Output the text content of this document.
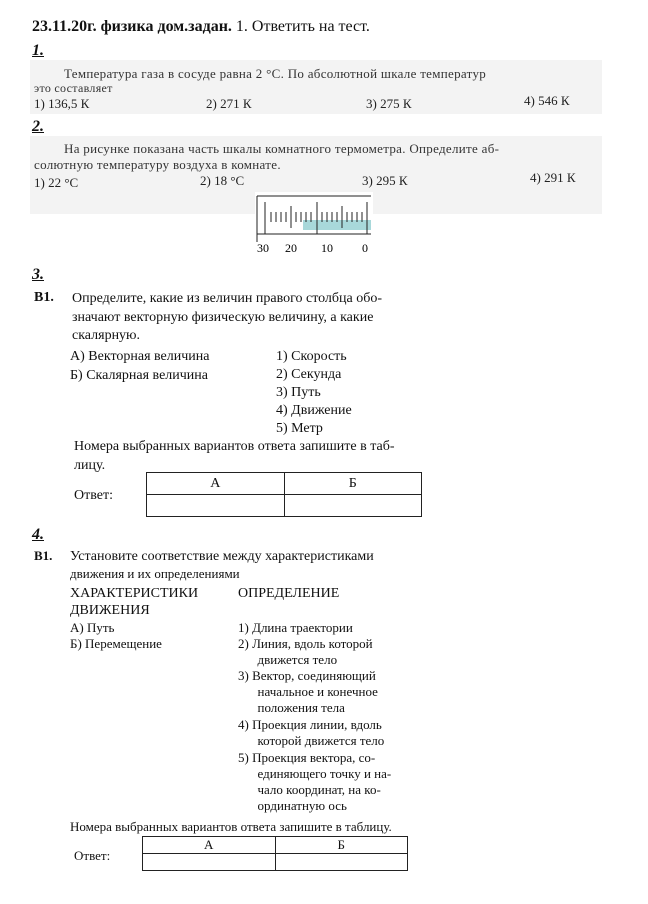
23.11.20г. физика дом.задан. 1. Ответить на тест.
1.
Температура газа в сосуде равна 2 °С. По абсолютной шкале температур
это составляет
1) 136,5 К	2) 271 К	3) 275 К	4) 546 К
2.
На рисунке показана часть шкалы комнатного термометра. Определите аб-
солютную температуру воздуха в комнате.
1) 22 °С	2) 18 °С	3) 295 К	4) 291 К
30 20 10 0
3.
В1. Определите, какие из величин правого столбца обо-
значают векторную физическую величину, а какие
скалярную.
А) Векторная величина
Б) Скалярная величина
1) Скорость
2) Секунда
3) Путь
4) Движение
5) Метр
Номера выбранных вариантов ответа запишите в таб-
лицу.
Ответ:
А	Б

4.
В1. Установите соответствие между характеристиками
движения и их определениями
ХАРАКТЕРИСТИКИ
ДВИЖЕНИЯ
ОПРЕДЕЛЕНИЕ
А) Путь
Б) Перемещение
1) Длина траектории
2) Линия, вдоль которой
движется тело
3) Вектор, соединяющий
начальное и конечное
положения тела
4) Проекция линии, вдоль
которой движется тело
5) Проекция вектора, со-
единяющего точку и на-
чало координат, на ко-
ординатную ось
Номера выбранных вариантов ответа запишите в таблицу.
Ответ:
А	Б
